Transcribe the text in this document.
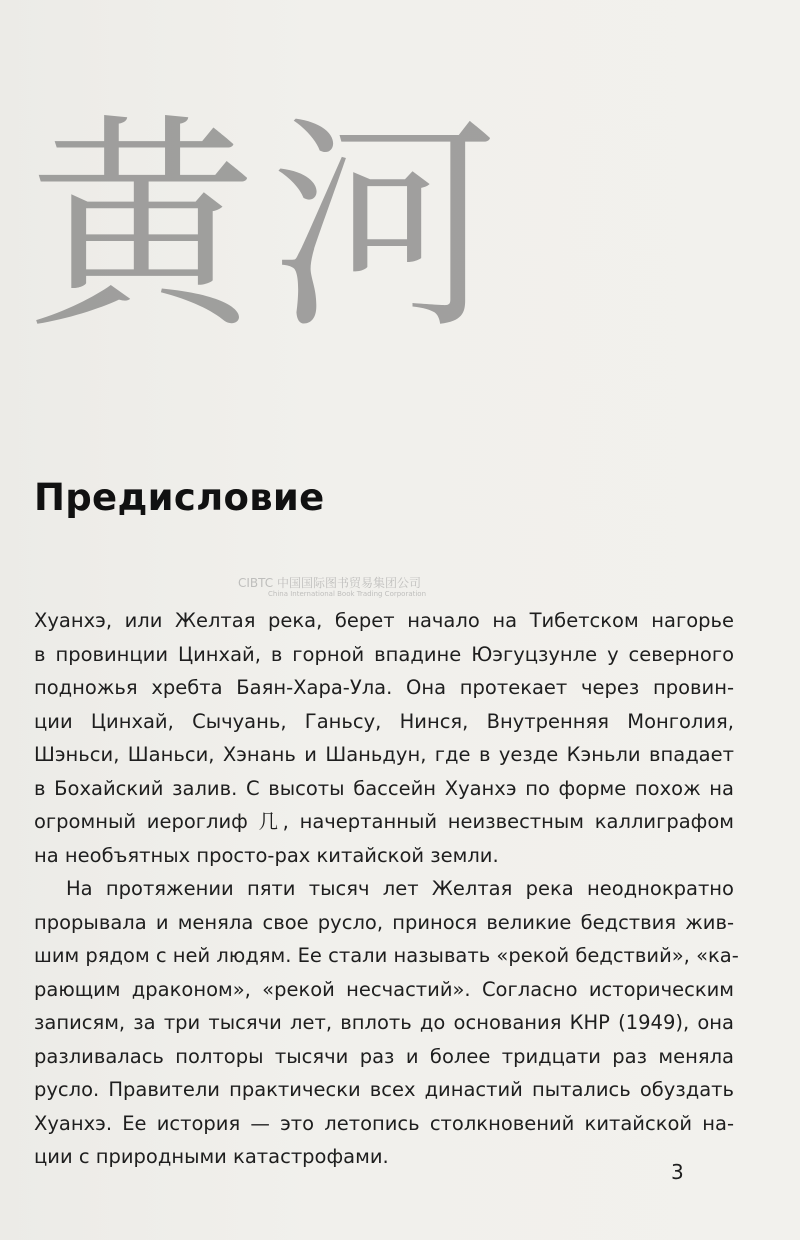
黄河
Предисловие
CIBTC 中国国际图书贸易集团公司
China International Book Trading Corporation
Хуанхэ, или Желтая река, берет начало на Тибетском нагорье
в провинции Цинхай, в горной впадине Юэгуцзунле у северного
подножья хребта Баян-Хара-Ула. Она протекает через провин-
ции Цинхай, Сычуань, Ганьсу, Нинся, Внутренняя Монголия,
Шэньси, Шаньси, Хэнань и Шаньдун, где в уезде Кэньли впадает
в Бохайский залив. С высоты бассейн Хуанхэ по форме похож на
огромный иероглиф 几, начертанный неизвестным каллиграфом
на необъятных просто-рах китайской земли.
На протяжении пяти тысяч лет Желтая река неоднократно
прорывала и меняла свое русло, принося великие бедствия жив-
шим рядом с ней людям. Ее стали называть «рекой бедствий», «ка-
рающим драконом», «рекой несчастий». Согласно историческим
записям, за три тысячи лет, вплоть до основания КНР (1949), она
разливалась полторы тысячи раз и более тридцати раз меняла
русло. Правители практически всех династий пытались обуздать
Хуанхэ. Ее история — это летопись столкновений китайской на-
ции с природными катастрофами.
3
